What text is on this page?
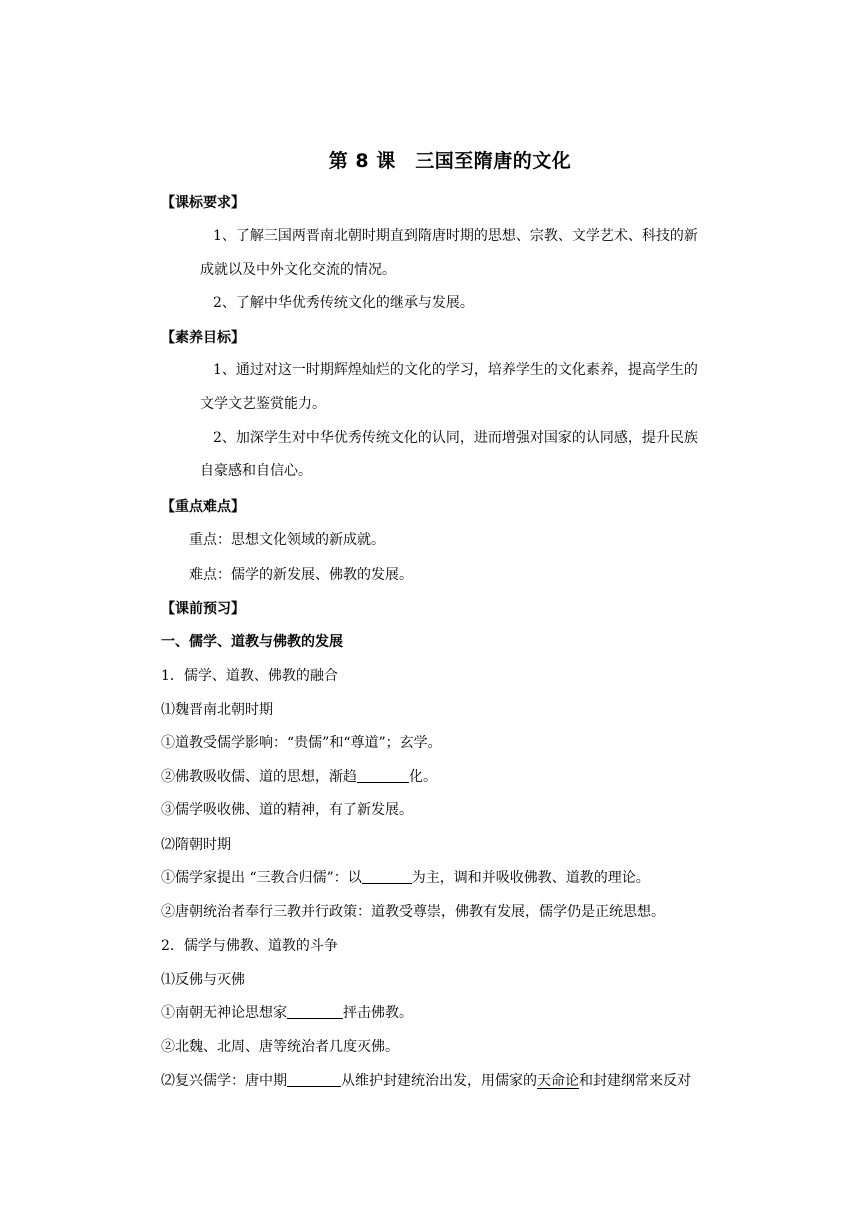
第 8 课　三国至隋唐的文化
【课标要求】
1、了解三国两晋南北朝时期直到隋唐时期的思想、宗教、文学艺术、科技的新
成就以及中外文化交流的情况。
2、了解中华优秀传统文化的继承与发展。
【素养目标】
1、通过对这一时期辉煌灿烂的文化的学习，培养学生的文化素养，提高学生的
文学文艺鉴赏能力。
2、加深学生对中华优秀传统文化的认同，进而增强对国家的认同感，提升民族
自豪感和自信心。
【重点难点】
重点：思想文化领域的新成就。
难点：儒学的新发展、佛教的发展。
【课前预习】
一、儒学、道教与佛教的发展
1．儒学、道教、佛教的融合
⑴魏晋南北朝时期
①道教受儒学影响：“贵儒”和“尊道”；玄学。
②佛教吸收儒、道的思想，渐趋	化。
③儒学吸收佛、道的精神，有了新发展。
⑵隋朝时期
①儒学家提出 “三教合归儒”：以	为主，调和并吸收佛教、道教的理论。
②唐朝统治者奉行三教并行政策：道教受尊崇，佛教有发展，儒学仍是正统思想。
2．儒学与佛教、道教的斗争
⑴反佛与灭佛
①南朝无神论思想家	抨击佛教。
②北魏、北周、唐等统治者几度灭佛。
⑵复兴儒学：唐中期	从维护封建统治出发，用儒家的天命论和封建纲常来反对
